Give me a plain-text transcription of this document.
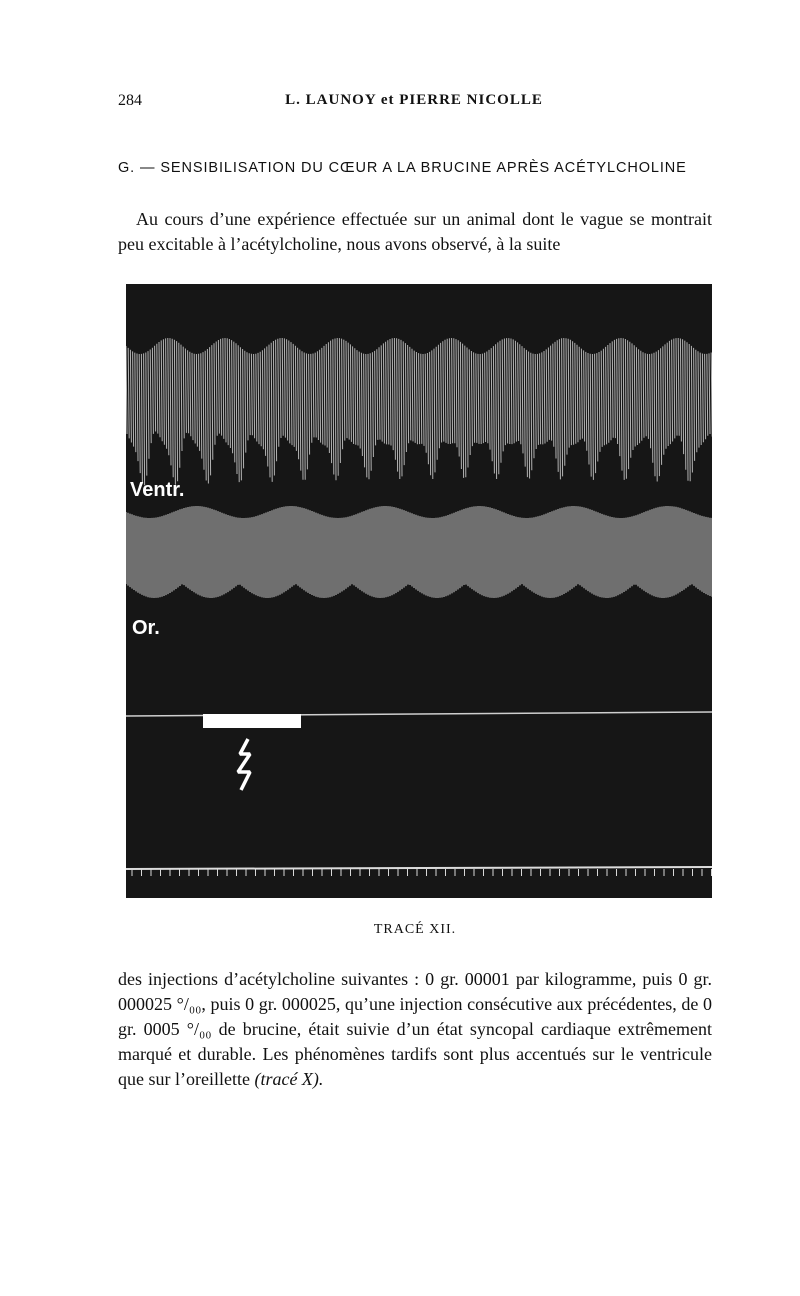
284	L. LAUNOY et PIERRE NICOLLE
G. — SENSIBILISATION DU CŒUR A LA BRUCINE APRÈS ACÉTYLCHOLINE

Au cours d’une expérience effectuée sur un animal dont le vague se montrait peu excitable à l’acétylcholine, nous avons observé, à la suite

Ventr.
Or.
TRACÉ XII.

des injections d’acétylcholine suivantes : 0 gr. 00001 par kilogramme, puis 0 gr. 000025 °/₀₀, puis 0 gr. 000025, qu’une injection consécutive aux précédentes, de 0 gr. 0005 °/₀₀ de brucine, était suivie d’un état syncopal cardiaque extrêmement marqué et durable. Les phénomènes tardifs sont plus accentués sur le ventricule que sur l’oreillette (tracé X).
